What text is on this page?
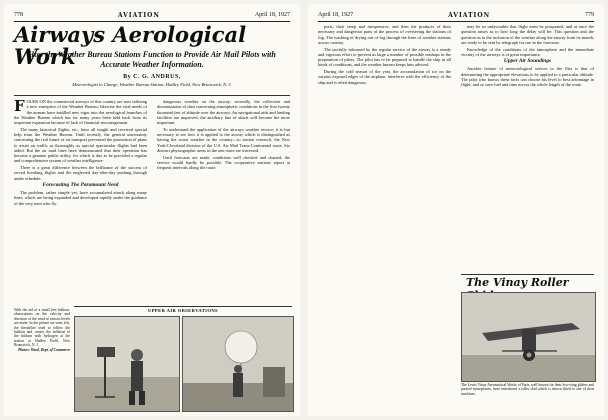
778	AVIATION	April 18, 1927
Airways Aerological Work
How the Weather Bureau Stations Function to Provide Air Mail Pilots with Accurate Weather Information.
By C. G. ANDRUS,
Meteorologist in Charge, Weather Bureau Station, Hadley Field, New Brunswick, N. J.

FOURS ON the commercial airways of this country are now utilizing a new enterprise of the Weather Bureau; likewise the vital needs of the airman have instilled new vigor into the aerological branches of the Weather Bureau which has for many years been held back from its important expansion because of lack of financial encouragement.

The many historical flights, etc., have all sought and received special help from the Weather Bureau. Until recently, the general uncertainty concerning the real future of air transport prevented the promotion of plans to assist air traffic as thoroughly as special spectacular flights had been aided. But the air mail lines have demonstrated that their operation has become a genuine public utility, for which is due to be provided a regular and comprehensive system of weather intelligence.

There is a great difference between the brilliance of the success of record breaking flights and the neglected day-after-day pushing through under schedule.

Forecasting The Paramount Need

The problem, rather simple yet, have accumulated attack along many lines, which are being expanded and developed rapidly under the guidance of the very men who fly.

dangerous weather on the airway; secondly, the collection and dissemination of data concerning atmospheric conditions in the first twenty thousand feet of altitude over the airways. An navigational aids and landing facilities are improved, the auxiliary line of attack will become the more important.

To understand the application of the airways weather service, it is but necessary to see how it is applied to the airway which is distinguished as having the worst weather in the country—to station research, the New York-Cleveland division of the U.S. Air Mail Trans-Continental route. Six distinct physiographic areas in the one route are traversed.

Until forecasts are made, conditions well checked and charted, the service would hardly be possible. The cooperative stations report at frequent intervals along the route.

UPPER AIR OBSERVATIONS
With the aid of a small free balloon, observations on the velocity and direction of the wind at various levels are made. In the picture are seen, left, the theodolite used to follow the balloon and, center, the inflation of the balloon with hydrogen at the station at Hadley Field, New Brunswick, N. J.
Photos: Ward, Dept. of Commerce
April 18, 1927	AVIATION	779

ports, their steep and inexpensive, and then the products of their necessary and dangerous parts of the process of overseeing the stations of fog. The washing of drying out of fog through the lines of weather stations across country.

The tactfully informed by the regular service of the airway is a steady and vigorous effort to prevent as large a number of possible mishaps in the preparation of pilots. The pilot has to be prepared to handle the ship in all kinds of conditions, and the weather bureau keeps him advised.

During the cold season of the year, the accumulation of ice on the various exposed edges of the airplane, interferes with the efficiency of the ship and is often dangerous.

may be so unfavorable that flight must be postponed, and at once the question arises as to how long the delay will be. This question and the question as to the inclusion of the weather along the airway from its mouth, are ready to be sent by telegraph for use in the forecasts.

Knowledge of the conditions of the atmosphere and the immediate vicinity of the airways is of great importance.

Upper Air Soundings

Another feature of meteorological service to the flier is that of determining the appropriate elevations to be applied to a particular altitude. The pilot who knows these facts can choose his level to best advantage in flight, and so save fuel and time across the whole length of the route.

The Vinay Roller
The Lewis Vinay Aeronautical Works of Paris, well known for their low-wing gliders and parasol monoplanes, have introduced a roller skid which is shown fitted to one of their machines.
